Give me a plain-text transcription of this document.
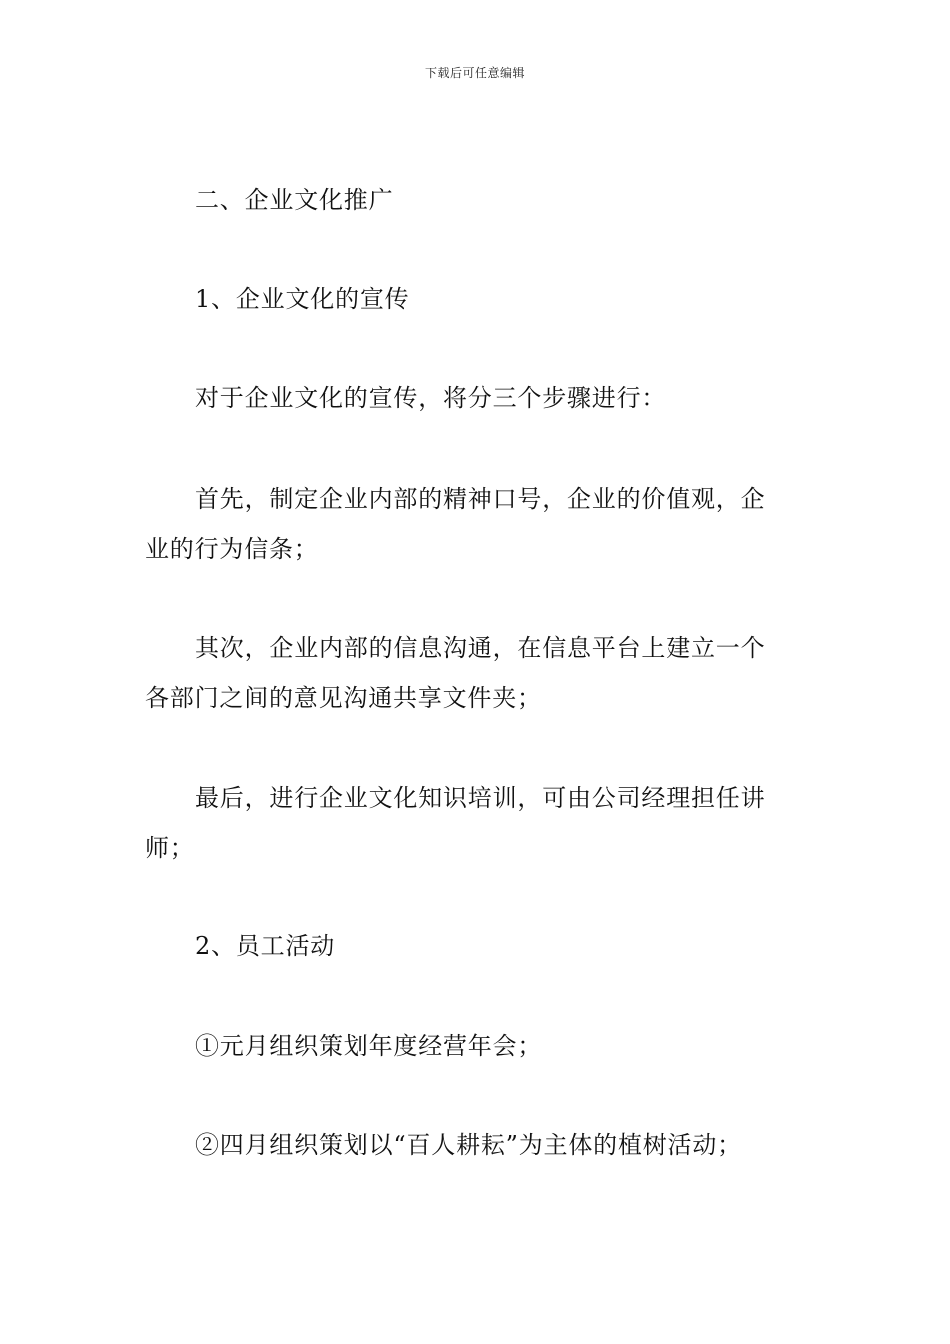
下载后可任意编辑
二、企业文化推广
1、企业文化的宣传
对于企业文化的宣传，将分三个步骤进行：
首先，制定企业内部的精神口号，企业的价值观，企
业的行为信条；
其次，企业内部的信息沟通，在信息平台上建立一个
各部门之间的意见沟通共享文件夹；
最后，进行企业文化知识培训，可由公司经理担任讲
师；
2、员工活动
①元月组织策划年度经营年会；
②四月组织策划以“百人耕耘”为主体的植树活动；
